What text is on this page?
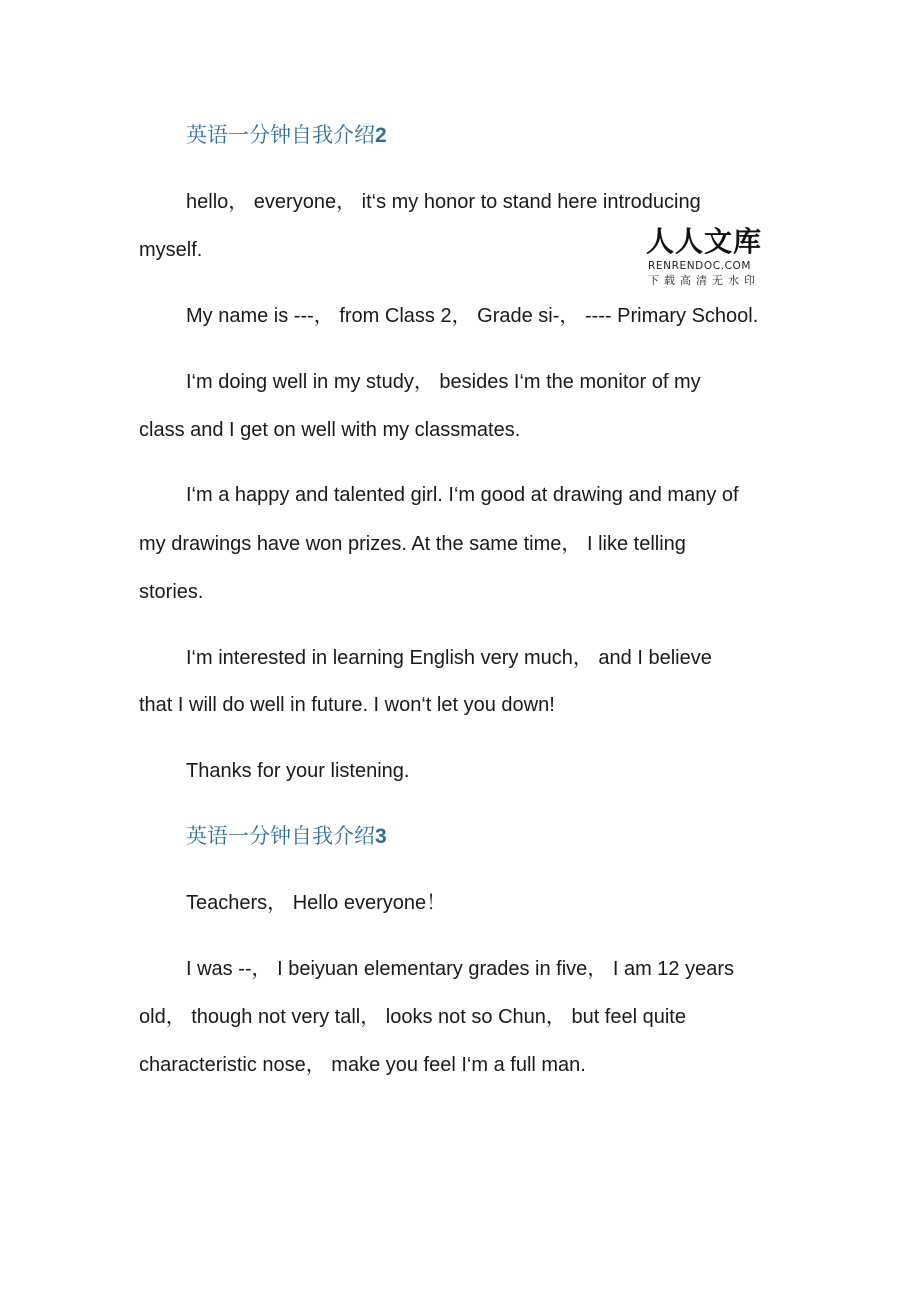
英语一分钟自我介绍2
hello， everyone， it‘s my honor to stand here introducing
myself.	人人文库
RENRENDOC.COM
下载高清无水印
My name is ---， from Class 2， Grade si-， ---- Primary School.
I‘m doing well in my study， besides I‘m the monitor of my
class and I get on well with my classmates.
I‘m a happy and talented girl. I‘m good at drawing and many of
my drawings have won prizes. At the same time， I like telling
stories.
I‘m interested in learning English very much， and I believe
that I will do well in future. I won‘t let you down!
Thanks for your listening.
英语一分钟自我介绍3
Teachers， Hello everyone！
I was --， I beiyuan elementary grades in five， I am 12 years
old， though not very tall， looks not so Chun， but feel quite
characteristic nose， make you feel I‘m a full man.
